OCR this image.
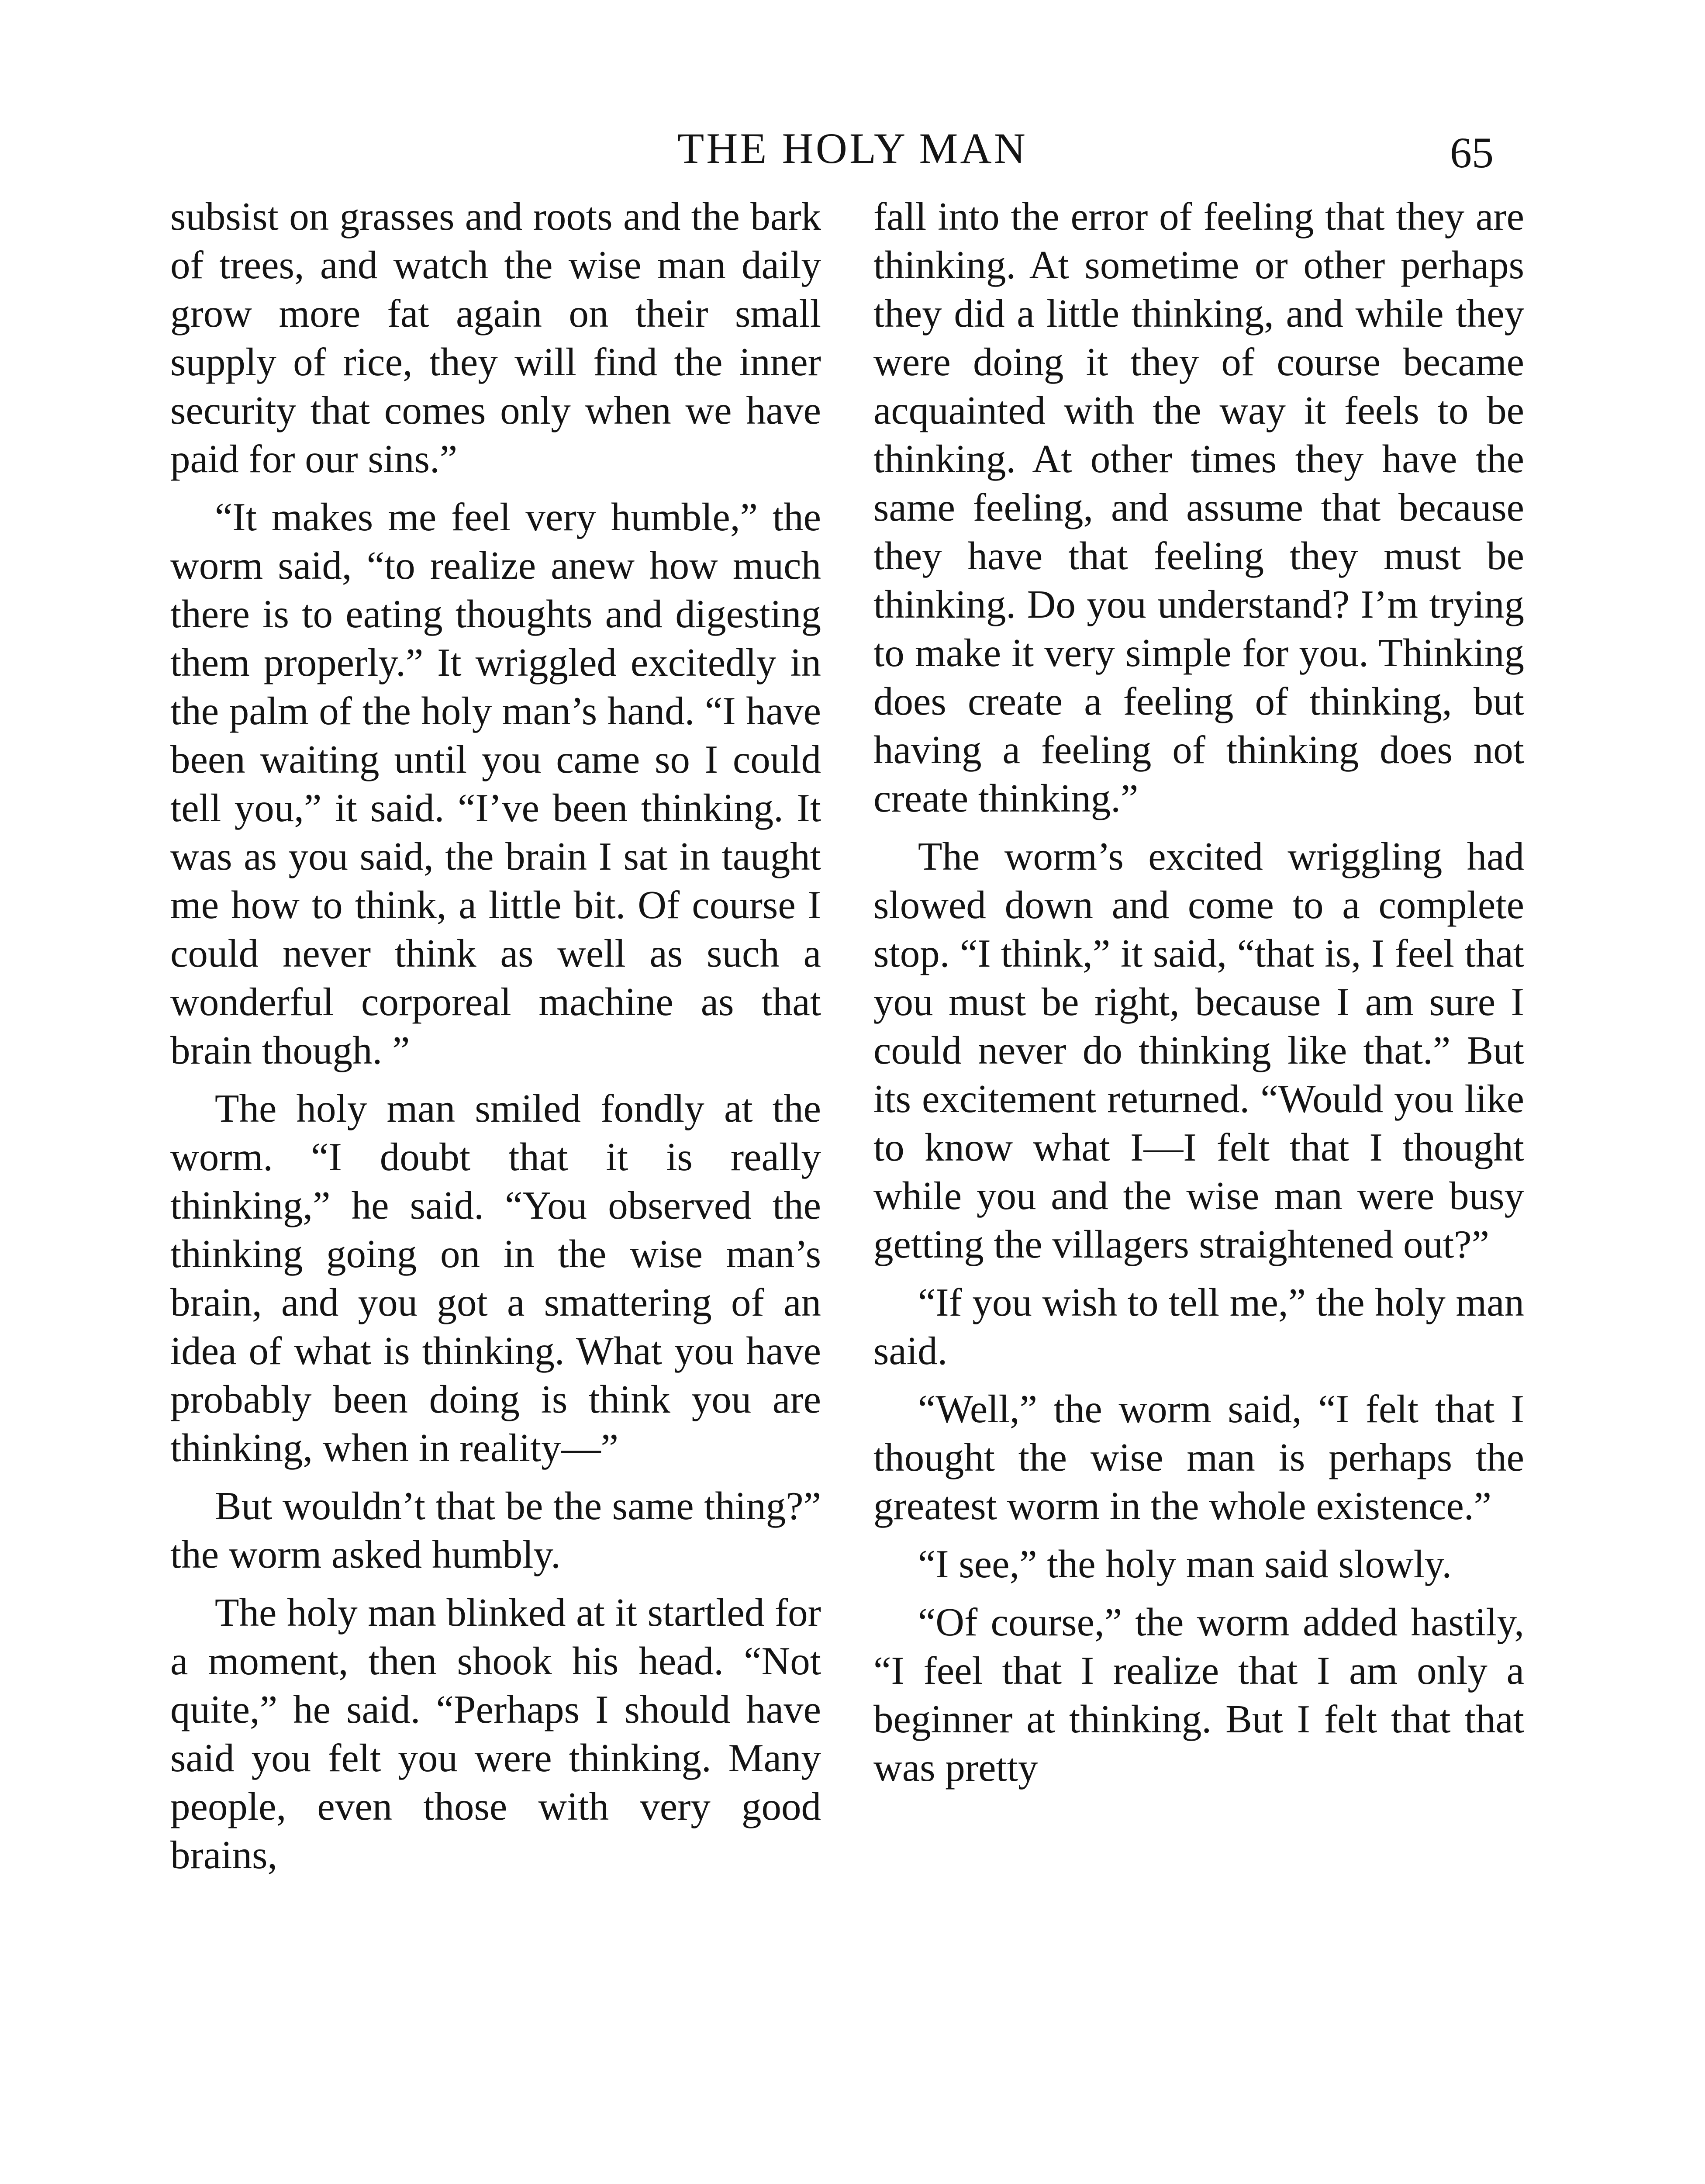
THE HOLY MAN	65

subsist on grasses and roots and the bark of trees, and watch the wise man daily grow more fat again on their small supply of rice, they will find the inner security that comes only when we have paid for our sins.”

“It makes me feel very humble,” the worm said, “to realize anew how much there is to eating thoughts and digesting them properly.” It wriggled excitedly in the palm of the holy man’s hand. “I have been waiting until you came so I could tell you,” it said. “I’ve been thinking. It was as you said, the brain I sat in taught me how to think, a little bit. Of course I could never think as well as such a wonderful corporeal machine as that brain though. ”

The holy man smiled fondly at the worm. “I doubt that it is really thinking,” he said. “You observed the thinking going on in the wise man’s brain, and you got a smattering of an idea of what is thinking. What you have probably been doing is think you are thinking, when in reality—”

But wouldn’t that be the same thing?” the worm asked humbly.

The holy man blinked at it startled for a moment, then shook his head. “Not quite,” he said. “Perhaps I should have said you felt you were thinking. Many people, even those with very good brains,

fall into the error of feeling that they are thinking. At sometime or other perhaps they did a little thinking, and while they were doing it they of course became acquainted with the way it feels to be thinking. At other times they have the same feeling, and assume that because they have that feeling they must be thinking. Do you understand? I’m trying to make it very simple for you. Thinking does create a feeling of thinking, but having a feeling of thinking does not create thinking.”

The worm’s excited wriggling had slowed down and come to a complete stop. “I think,” it said, “that is, I feel that you must be right, because I am sure I could never do thinking like that.” But its excitement returned. “Would you like to know what I—I felt that I thought while you and the wise man were busy getting the villagers straightened out?”

“If you wish to tell me,” the holy man said.

“Well,” the worm said, “I felt that I thought the wise man is perhaps the greatest worm in the whole existence.”

“I see,” the holy man said slowly.

“Of course,” the worm added hastily, “I feel that I realize that I am only a beginner at thinking. But I felt that that was pretty
